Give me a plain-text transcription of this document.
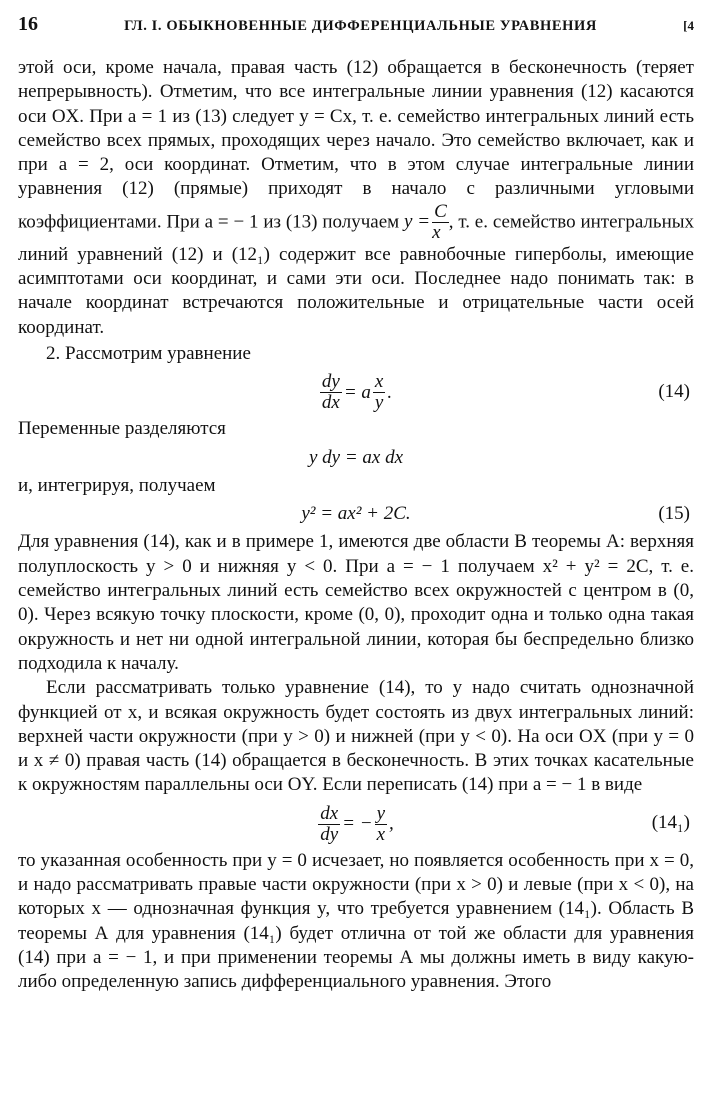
16	ГЛ. I. ОБЫКНОВЕННЫЕ ДИФФЕРЕНЦИАЛЬНЫЕ УРАВНЕНИЯ	[4

этой оси, кроме начала, правая часть (12) обращается в бесконечность (теряет непрерывность). Отметим, что все интегральные линии уравнения (12) касаются оси OX. При a = 1 из (13) следует y = Cx, т. е. семейство интегральных линий есть семейство всех прямых, проходящих через начало. Это семейство включает, как и при a = 2, оси координат. Отметим, что в этом случае интегральные линии уравнения (12) (прямые) приходят в начало с различными угловыми коэффициентами. При a = − 1 из (13) получаем $y = \frac{C}{x}$ , т. е. семейство интегральных линий уравнений (12) и (12₁) содержит все равнобочные гиперболы, имеющие асимптотами оси координат, и сами эти оси. Последнее надо понимать так: в начале координат встречаются положительные и отрицательные части осей координат.

2. Рассмотрим уравнение

$\frac{dy}{dx} = a \frac{x}{y}$ .	(14)

Переменные разделяются

y dy = ax dx

и, интегрируя, получаем

y² = ax² + 2C.	(15)

Для уравнения (14), как и в примере 1, имеются две области B теоремы А: верхняя полуплоскость y > 0 и нижняя y < 0. При a = − 1 получаем x² + y² = 2C, т. е. семейство интегральных линий есть семейство всех окружностей с центром в (0, 0). Через всякую точку плоскости, кроме (0, 0), проходит одна и только одна такая окружность и нет ни одной интегральной линии, которая бы беспредельно близко подходила к началу.

Если рассматривать только уравнение (14), то y надо считать однозначной функцией от x, и всякая окружность будет состоять из двух интегральных линий: верхней части окружности (при y > 0) и нижней (при y < 0). На оси OX (при y = 0 и x ≠ 0) правая часть (14) обращается в бесконечность. В этих точках касательные к окружностям параллельны оси OY. Если переписать (14) при a = − 1 в виде

$\frac{dx}{dy}$ = − $\frac{y}{x}$ ,	(14₁)

то указанная особенность при y = 0 исчезает, но появляется особенность при x = 0, и надо рассматривать правые части окружности (при x > 0) и левые (при x < 0), на которых x — однозначная функция y, что требуется уравнением (14₁). Область B теоремы А для уравнения (14₁) будет отлична от той же области для уравнения (14) при a = − 1, и при применении теоремы А мы должны иметь в виду какую-либо определенную запись дифференциального уравнения. Этого
